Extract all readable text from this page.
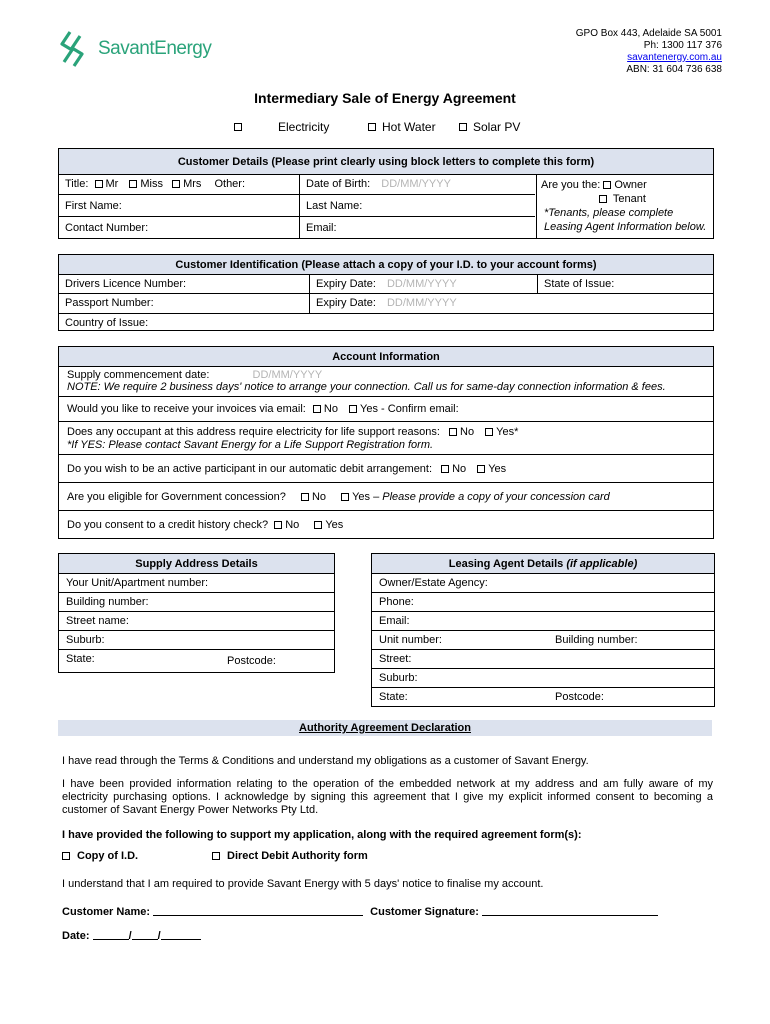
SavantEnergy
GPO Box 443, Adelaide SA 5001
Ph: 1300 117 376
savantenergy.com.au
ABN: 31 604 736 638
Intermediary Sale of Energy Agreement
Electricity	Hot Water	Solar PV
Customer Details (Please print clearly using block letters to complete this form)
Title: Mr Miss Mrs Other:	Date of Birth: DD/MM/YYYY
First Name:	Last Name:
Contact Number:	Email:
Are you the: Owner
Tenant
*Tenants, please complete
Leasing Agent Information below.
Customer Identification (Please attach a copy of your I.D. to your account forms)
Drivers Licence Number:	Expiry Date: DD/MM/YYYY	State of Issue:
Passport Number:	Expiry Date: DD/MM/YYYY
Country of Issue:
Account Information
Supply commencement date:	DD/MM/YYYY
NOTE: We require 2 business days' notice to arrange your connection. Call us for same-day connection information & fees.
Would you like to receive your invoices via email: No Yes - Confirm email:
Does any occupant at this address require electricity for life support reasons: No Yes*
*If YES: Please contact Savant Energy for a Life Support Registration form.
Do you wish to be an active participant in our automatic debit arrangement: No Yes
Are you eligible for Government concession? No Yes – Please provide a copy of your concession card
Do you consent to a credit history check? No Yes
Supply Address Details
Your Unit/Apartment number:
Building number:
Street name:
Suburb:
State:	Postcode:
Leasing Agent Details (if applicable)
Owner/Estate Agency:
Phone:
Email:
Unit number:	Building number:
Street:
Suburb:
State:	Postcode:
Authority Agreement Declaration

I have read through the Terms & Conditions and understand my obligations as a customer of Savant Energy.

I have been provided information relating to the operation of the embedded network at my address and am fully aware of my electricity purchasing options. I acknowledge by signing this agreement that I give my explicit informed consent to becoming a customer of Savant Energy Power Networks Pty Ltd.

I have provided the following to support my application, along with the required agreement form(s):

Copy of I.D.	Direct Debit Authority form

I understand that I am required to provide Savant Energy with 5 days' notice to finalise my account.

Customer Name:	Customer Signature:
Date:	/ /
